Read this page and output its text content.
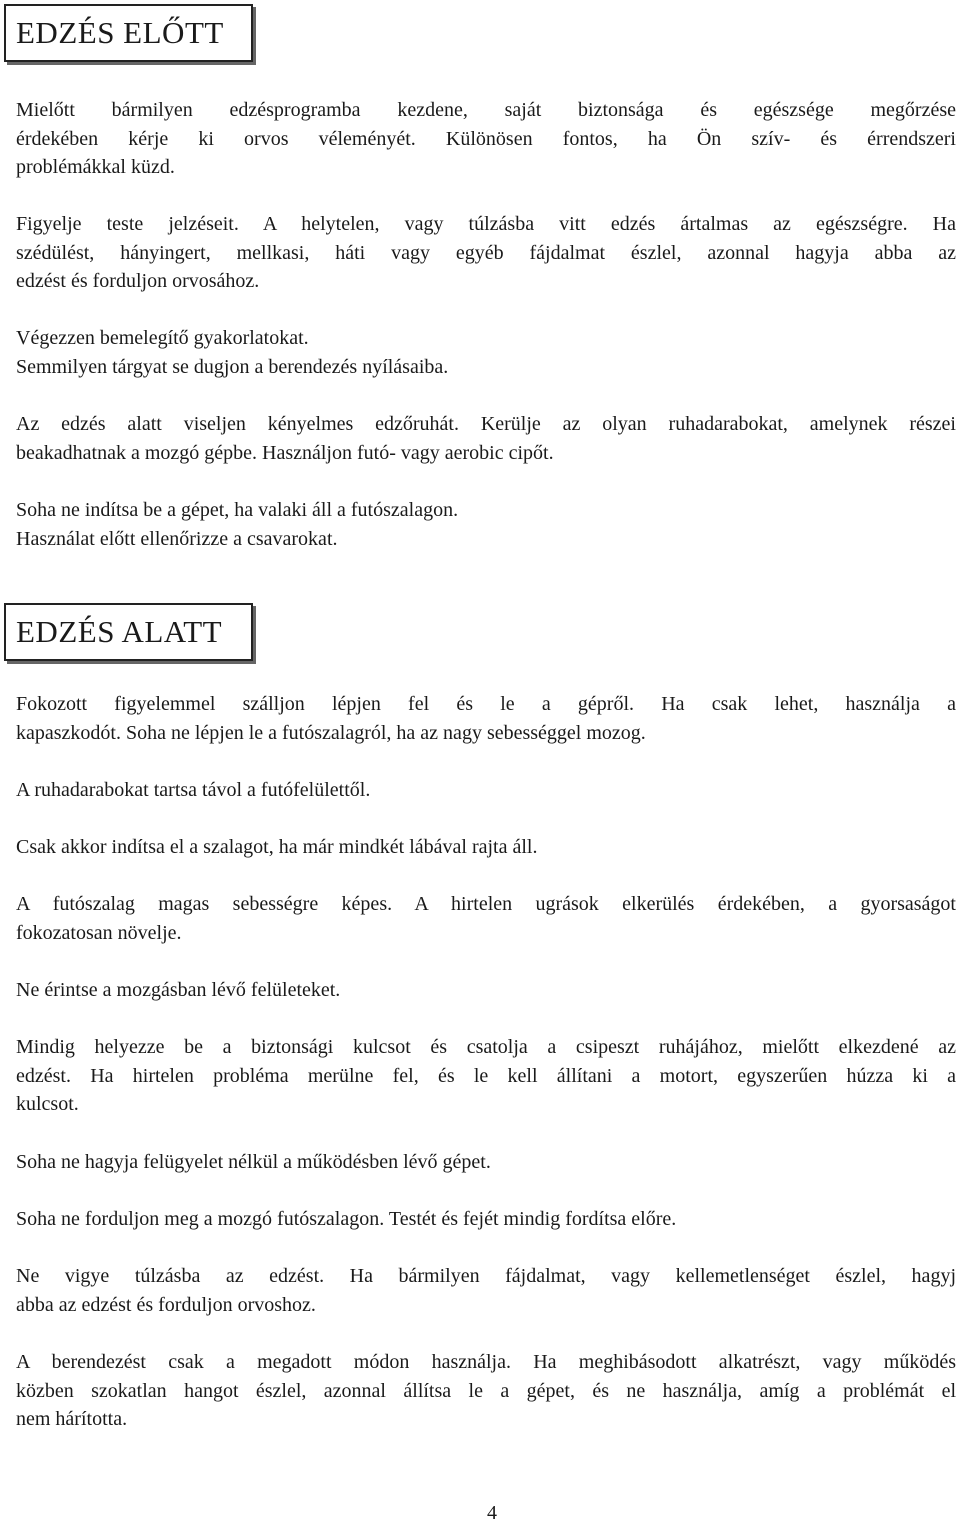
EDZÉS ELŐTT

Mielőtt bármilyen edzésprogramba kezdene, saját biztonsága és egészsége megőrzése
érdekében kérje ki orvos véleményét. Különösen fontos, ha Ön szív- és érrendszeri
problémákkal küzd.

Figyelje teste jelzéseit. A helytelen, vagy túlzásba vitt edzés ártalmas az egészségre. Ha
szédülést, hányingert, mellkasi, háti vagy egyéb fájdalmat észlel, azonnal hagyja abba az
edzést és forduljon orvosához.

Végezzen bemelegítő gyakorlatokat.
Semmilyen tárgyat se dugjon a berendezés nyílásaiba.

Az edzés alatt viseljen kényelmes edzőruhát. Kerülje az olyan ruhadarabokat, amelynek részei
beakadhatnak a mozgó gépbe. Használjon futó- vagy aerobic cipőt.

Soha ne indítsa be a gépet, ha valaki áll a futószalagon.
Használat előtt ellenőrizze a csavarokat.

EDZÉS ALATT

Fokozott figyelemmel szálljon lépjen fel és le a gépről. Ha csak lehet, használja a
kapaszkodót. Soha ne lépjen le a futószalagról, ha az nagy sebességgel mozog.

A ruhadarabokat tartsa távol a futófelülettől.

Csak akkor indítsa el a szalagot, ha már mindkét lábával rajta áll.

A futószalag magas sebességre képes. A hirtelen ugrások elkerülés érdekében, a gyorsaságot
fokozatosan növelje.

Ne érintse a mozgásban lévő felületeket.

Mindig helyezze be a biztonsági kulcsot és csatolja a csipeszt ruhájához, mielőtt elkezdené az
edzést. Ha hirtelen probléma merülne fel, és le kell állítani a motort, egyszerűen húzza ki a
kulcsot.

Soha ne hagyja felügyelet nélkül a működésben lévő gépet.

Soha ne forduljon meg a mozgó futószalagon. Testét és fejét mindig fordítsa előre.

Ne vigye túlzásba az edzést. Ha bármilyen fájdalmat, vagy kellemetlenséget észlel, hagyj
abba az edzést és forduljon orvoshoz.

A berendezést csak a megadott módon használja. Ha meghibásodott alkatrészt, vagy működés
közben szokatlan hangot észlel, azonnal állítsa le a gépet, és ne használja, amíg a problémát el
nem hárította.

4
